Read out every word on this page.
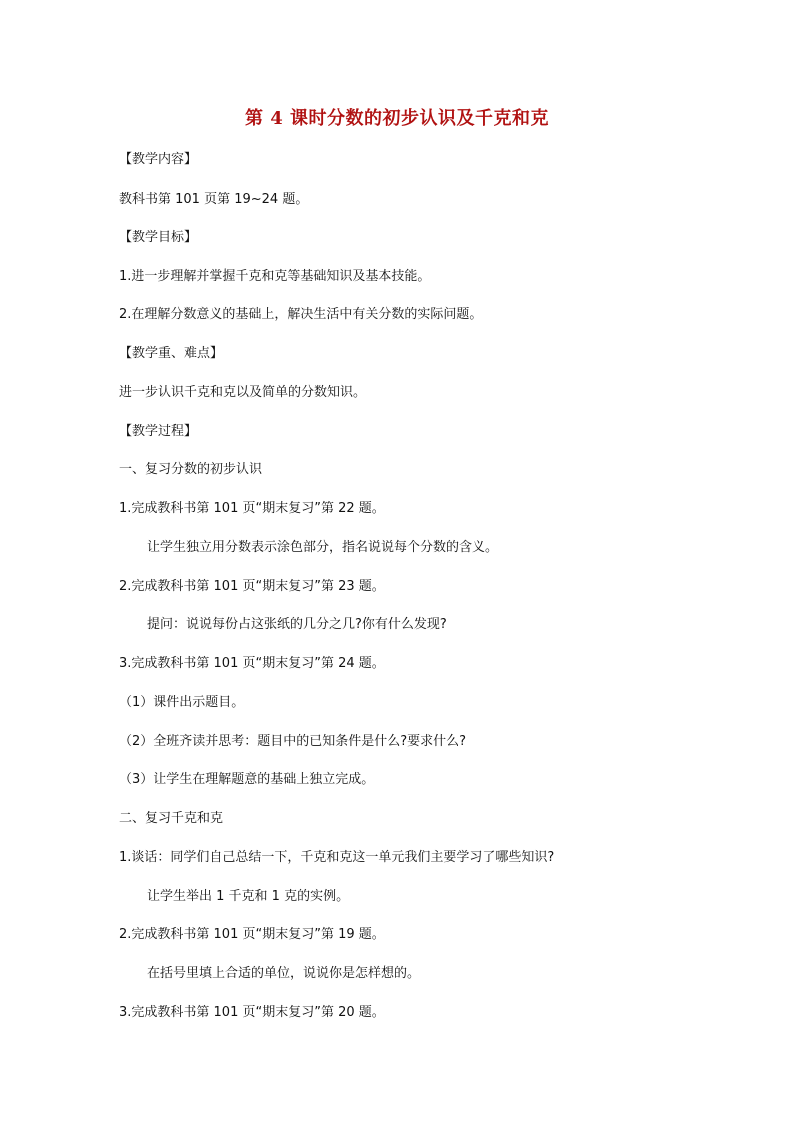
第 4 课时分数的初步认识及千克和克
【教学内容】
教科书第 101 页第 19~24 题。
【教学目标】
1.进一步理解并掌握千克和克等基础知识及基本技能。
2.在理解分数意义的基础上，解决生活中有关分数的实际问题。
【教学重、难点】
进一步认识千克和克以及简单的分数知识。
【教学过程】
一、复习分数的初步认识
1.完成教科书第 101 页“期末复习”第 22 题。
让学生独立用分数表示涂色部分，指名说说每个分数的含义。
2.完成教科书第 101 页“期末复习”第 23 题。
提问：说说每份占这张纸的几分之几?你有什么发现?
3.完成教科书第 101 页“期末复习”第 24 题。
（1）课件出示题目。
（2）全班齐读并思考：题目中的已知条件是什么?要求什么?
（3）让学生在理解题意的基础上独立完成。
二、复习千克和克
1.谈话：同学们自己总结一下，千克和克这一单元我们主要学习了哪些知识?
让学生举出 1 千克和 1 克的实例。
2.完成教科书第 101 页“期末复习”第 19 题。
在括号里填上合适的单位，说说你是怎样想的。
3.完成教科书第 101 页“期末复习”第 20 题。
